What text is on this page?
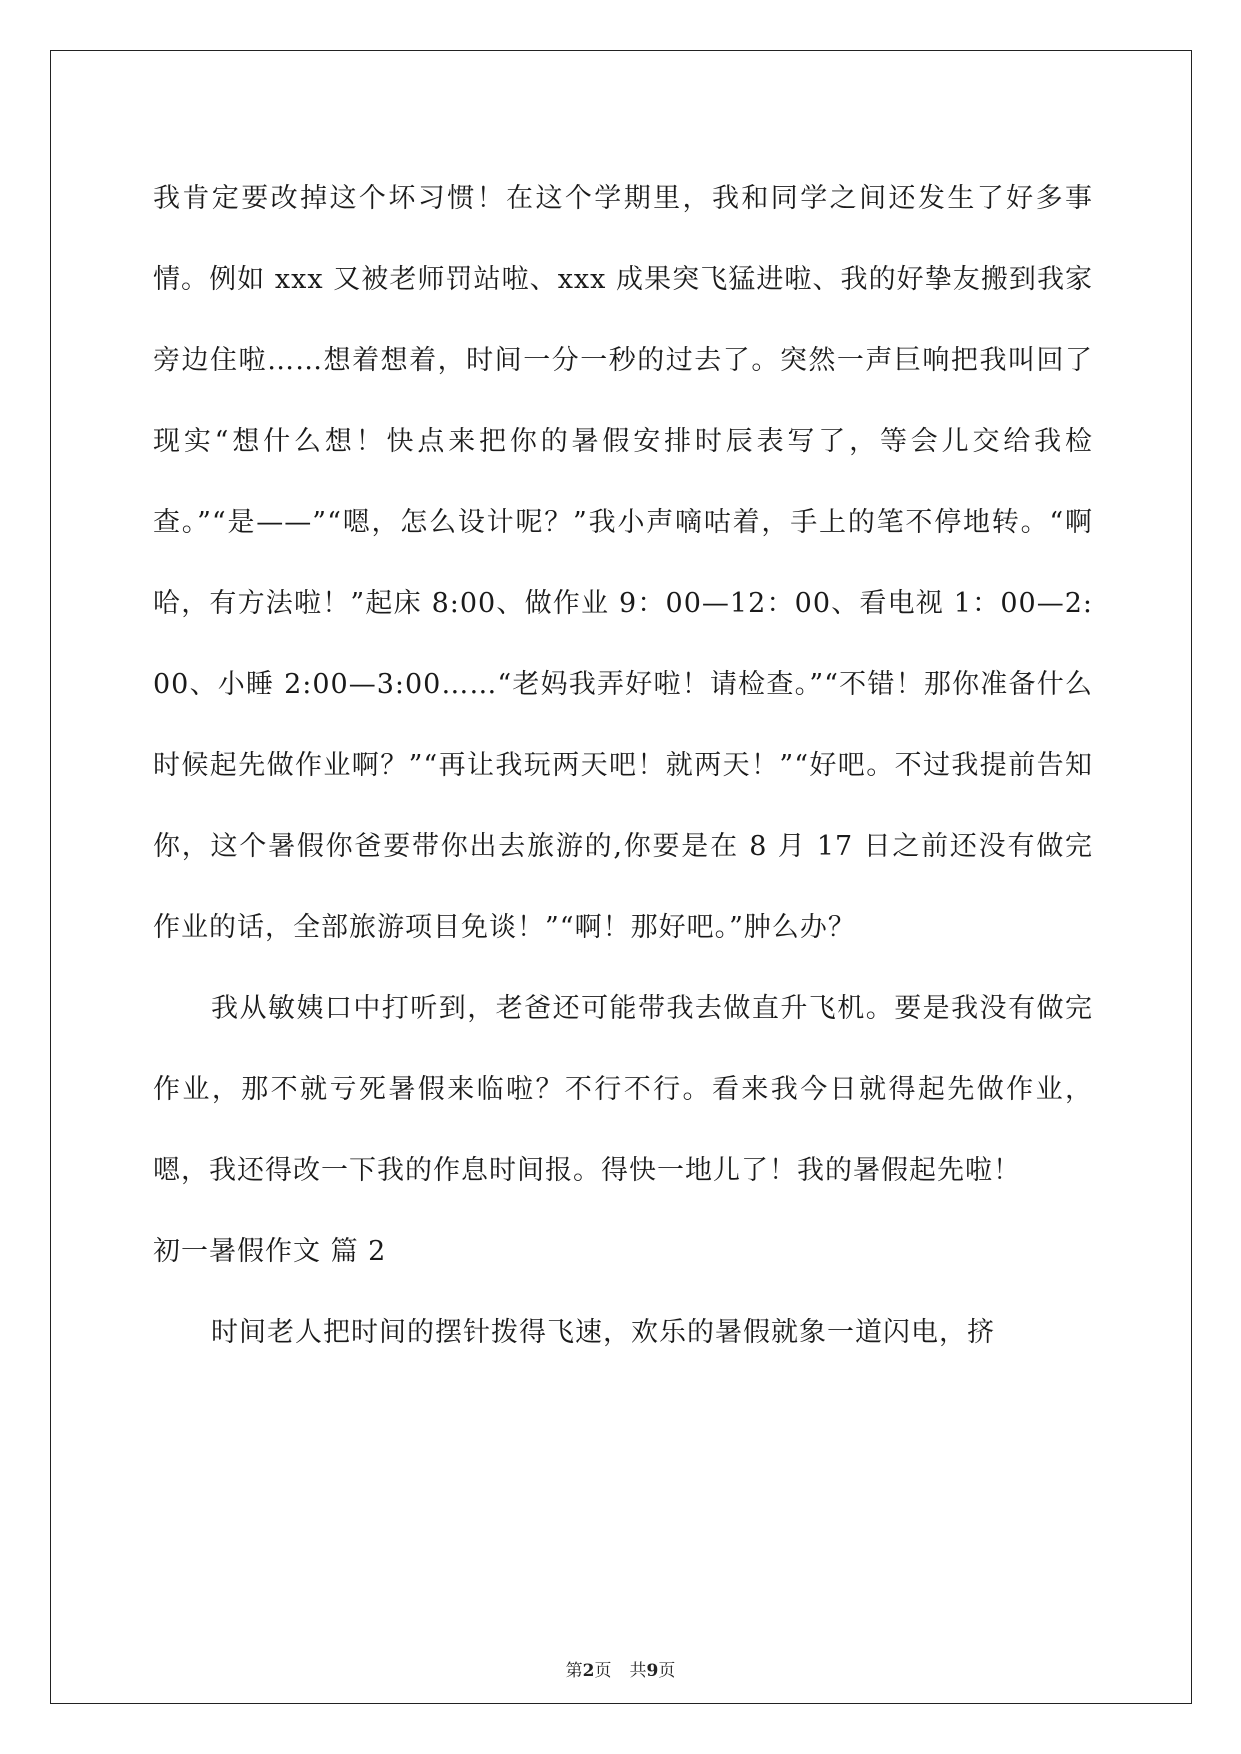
我肯定要改掉这个坏习惯！在这个学期里，我和同学之间还发生了好多事情。例如 xxx 又被老师罚站啦、xxx 成果突飞猛进啦、我的好挚友搬到我家旁边住啦……想着想着，时间一分一秒的过去了。突然一声巨响把我叫回了现实“想什么想！快点来把你的暑假安排时辰表写了，等会儿交给我检查。”“是——”“嗯，怎么设计呢？”我小声嘀咕着，手上的笔不停地转。“啊哈，有方法啦！”起床 8:00、做作业 9：00—12：00、看电视 1：00—2:00、小睡 2:00—3:00……“老妈我弄好啦！请检查。”“不错！那你准备什么时候起先做作业啊？”“再让我玩两天吧！就两天！”“好吧。不过我提前告知你，这个暑假你爸要带你出去旅游的,你要是在 8 月 17 日之前还没有做完作业的话，全部旅游项目免谈！”“啊！那好吧。”肿么办？

我从敏姨口中打听到，老爸还可能带我去做直升飞机。要是我没有做完作业，那不就亏死暑假来临啦？不行不行。看来我今日就得起先做作业，嗯，我还得改一下我的作息时间报。得快一地儿了！我的暑假起先啦！

初一暑假作文 篇 2

时间老人把时间的摆针拨得飞速，欢乐的暑假就象一道闪电，挤

第2页 共9页
